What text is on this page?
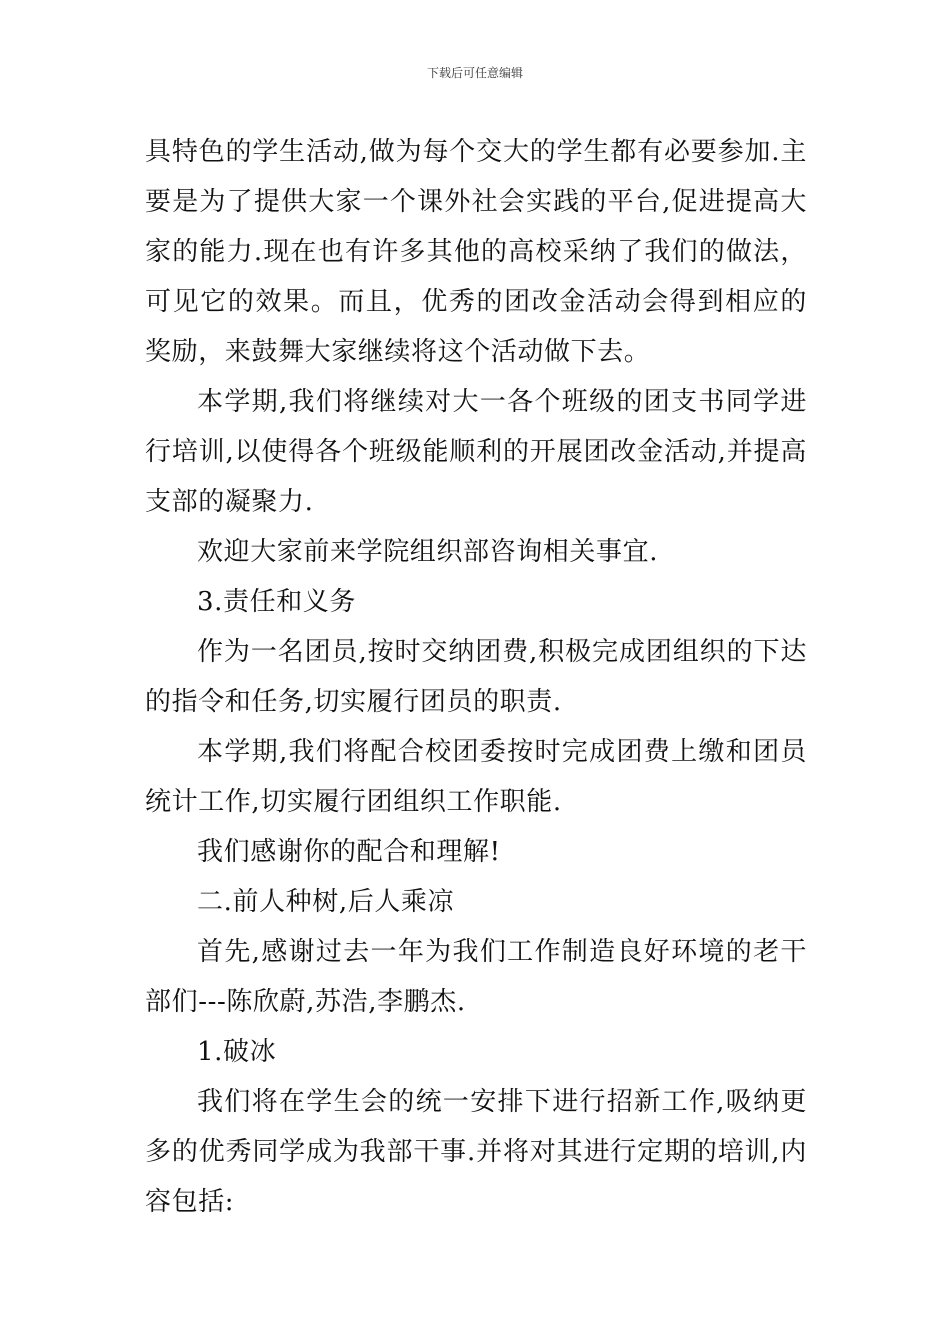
下载后可任意编辑

具特色的学生活动,做为每个交大的学生都有必要参加.主要是为了提供大家一个课外社会实践的平台,促进提高大家的能力.现在也有许多其他的高校采纳了我们的做法，可见它的效果。而且，优秀的团改金活动会得到相应的奖励，来鼓舞大家继续将这个活动做下去。

本学期,我们将继续对大一各个班级的团支书同学进行培训,以使得各个班级能顺利的开展团改金活动,并提高支部的凝聚力.

欢迎大家前来学院组织部咨询相关事宜.

3.责任和义务

作为一名团员,按时交纳团费,积极完成团组织的下达的指令和任务,切实履行团员的职责.

本学期,我们将配合校团委按时完成团费上缴和团员统计工作,切实履行团组织工作职能.

我们感谢你的配合和理解!

二.前人种树,后人乘凉

首先,感谢过去一年为我们工作制造良好环境的老干部们---陈欣蔚,苏浩,李鹏杰.

1.破冰

我们将在学生会的统一安排下进行招新工作,吸纳更多的优秀同学成为我部干事.并将对其进行定期的培训,内容包括:
